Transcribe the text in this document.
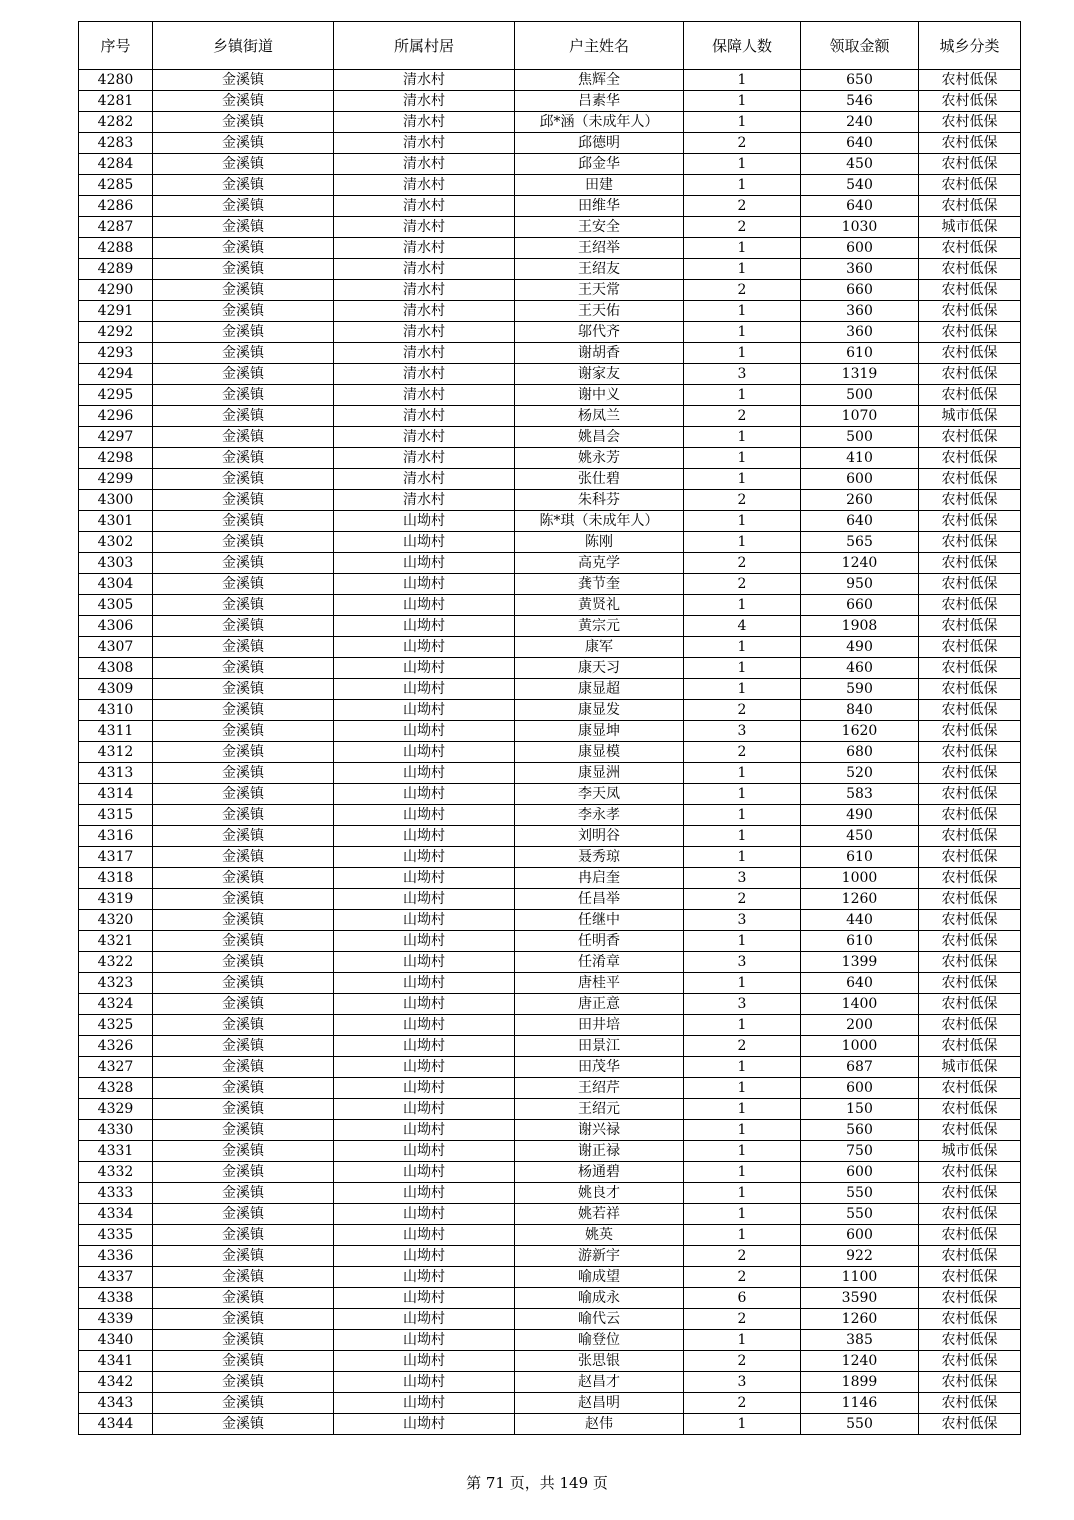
序号	乡镇街道	所属村居	户主姓名	保障人数	领取金额	城乡分类
4280	金溪镇	清水村	焦辉全	1	650	农村低保
4281	金溪镇	清水村	吕素华	1	546	农村低保
4282	金溪镇	清水村	邱*涵（未成年人）	1	240	农村低保
4283	金溪镇	清水村	邱德明	2	640	农村低保
4284	金溪镇	清水村	邱金华	1	450	农村低保
4285	金溪镇	清水村	田建	1	540	农村低保
4286	金溪镇	清水村	田维华	2	640	农村低保
4287	金溪镇	清水村	王安全	2	1030	城市低保
4288	金溪镇	清水村	王绍举	1	600	农村低保
4289	金溪镇	清水村	王绍友	1	360	农村低保
4290	金溪镇	清水村	王天常	2	660	农村低保
4291	金溪镇	清水村	王天佑	1	360	农村低保
4292	金溪镇	清水村	邬代齐	1	360	农村低保
4293	金溪镇	清水村	谢胡香	1	610	农村低保
4294	金溪镇	清水村	谢家友	3	1319	农村低保
4295	金溪镇	清水村	谢中义	1	500	农村低保
4296	金溪镇	清水村	杨凤兰	2	1070	城市低保
4297	金溪镇	清水村	姚昌会	1	500	农村低保
4298	金溪镇	清水村	姚永芳	1	410	农村低保
4299	金溪镇	清水村	张仕碧	1	600	农村低保
4300	金溪镇	清水村	朱科芬	2	260	农村低保
4301	金溪镇	山坳村	陈*琪（未成年人）	1	640	农村低保
4302	金溪镇	山坳村	陈刚	1	565	农村低保
4303	金溪镇	山坳村	高克学	2	1240	农村低保
4304	金溪镇	山坳村	龚节奎	2	950	农村低保
4305	金溪镇	山坳村	黄贤礼	1	660	农村低保
4306	金溪镇	山坳村	黄宗元	4	1908	农村低保
4307	金溪镇	山坳村	康军	1	490	农村低保
4308	金溪镇	山坳村	康天习	1	460	农村低保
4309	金溪镇	山坳村	康显超	1	590	农村低保
4310	金溪镇	山坳村	康显发	2	840	农村低保
4311	金溪镇	山坳村	康显坤	3	1620	农村低保
4312	金溪镇	山坳村	康显模	2	680	农村低保
4313	金溪镇	山坳村	康显洲	1	520	农村低保
4314	金溪镇	山坳村	李天凤	1	583	农村低保
4315	金溪镇	山坳村	李永孝	1	490	农村低保
4316	金溪镇	山坳村	刘明谷	1	450	农村低保
4317	金溪镇	山坳村	聂秀琼	1	610	农村低保
4318	金溪镇	山坳村	冉启奎	3	1000	农村低保
4319	金溪镇	山坳村	任昌举	2	1260	农村低保
4320	金溪镇	山坳村	任继中	3	440	农村低保
4321	金溪镇	山坳村	任明香	1	610	农村低保
4322	金溪镇	山坳村	任淆章	3	1399	农村低保
4323	金溪镇	山坳村	唐桂平	1	640	农村低保
4324	金溪镇	山坳村	唐正意	3	1400	农村低保
4325	金溪镇	山坳村	田井培	1	200	农村低保
4326	金溪镇	山坳村	田景江	2	1000	农村低保
4327	金溪镇	山坳村	田茂华	1	687	城市低保
4328	金溪镇	山坳村	王绍芹	1	600	农村低保
4329	金溪镇	山坳村	王绍元	1	150	农村低保
4330	金溪镇	山坳村	谢兴禄	1	560	农村低保
4331	金溪镇	山坳村	谢正禄	1	750	城市低保
4332	金溪镇	山坳村	杨通碧	1	600	农村低保
4333	金溪镇	山坳村	姚良才	1	550	农村低保
4334	金溪镇	山坳村	姚若祥	1	550	农村低保
4335	金溪镇	山坳村	姚英	1	600	农村低保
4336	金溪镇	山坳村	游新宇	2	922	农村低保
4337	金溪镇	山坳村	喻成望	2	1100	农村低保
4338	金溪镇	山坳村	喻成永	6	3590	农村低保
4339	金溪镇	山坳村	喻代云	2	1260	农村低保
4340	金溪镇	山坳村	喻登位	1	385	农村低保
4341	金溪镇	山坳村	张思银	2	1240	农村低保
4342	金溪镇	山坳村	赵昌才	3	1899	农村低保
4343	金溪镇	山坳村	赵昌明	2	1146	农村低保
4344	金溪镇	山坳村	赵伟	1	550	农村低保
第 71 页，共 149 页
